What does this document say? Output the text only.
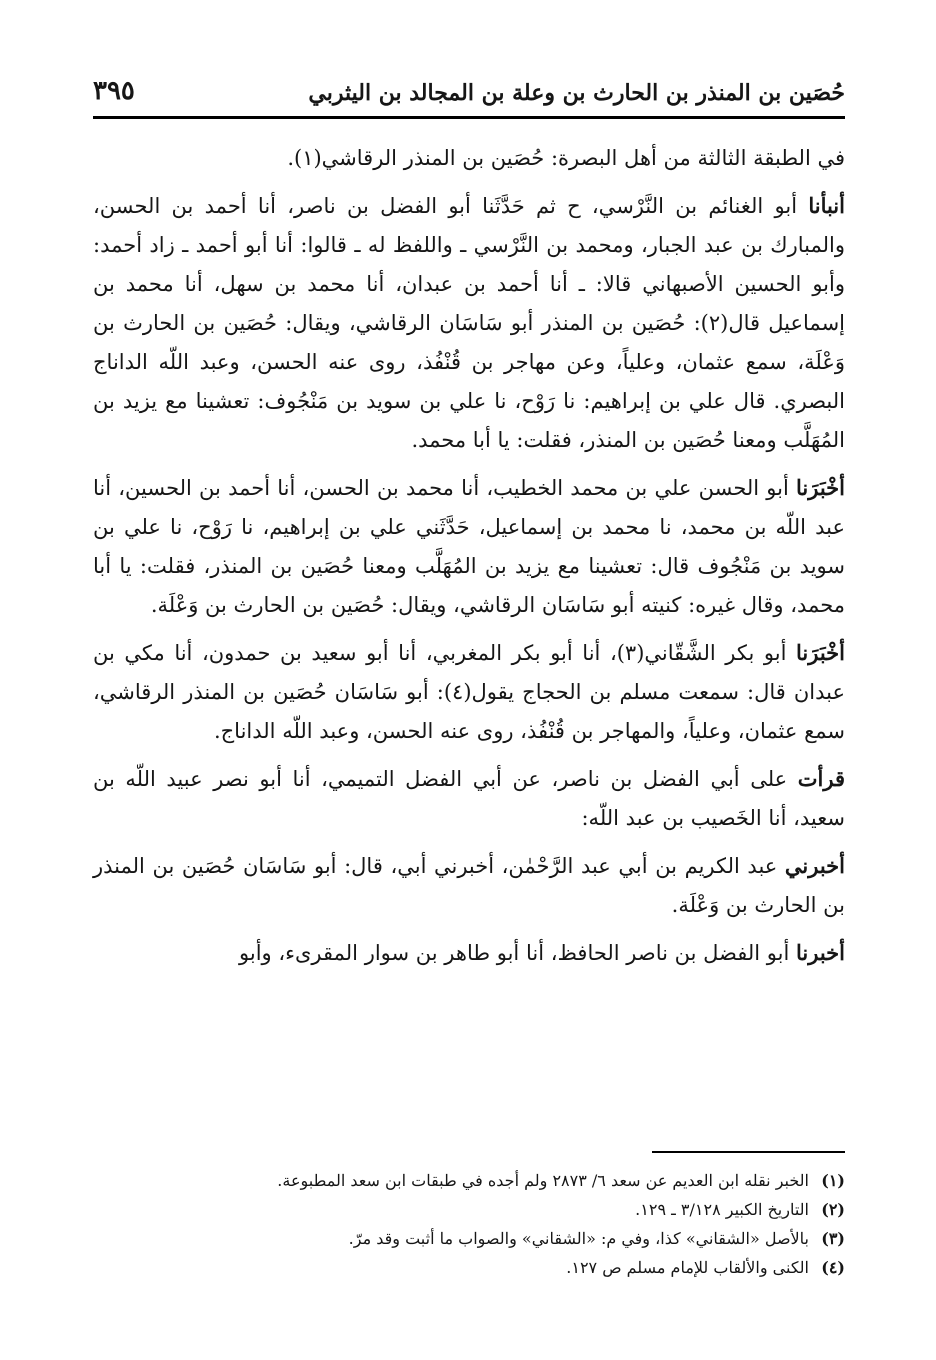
٣٩٥	حُصَين بن المنذر بن الحارث بن وعلة بن المجالد بن اليثربي

في الطبقة الثالثة من أهل البصرة: حُصَين بن المنذر الرقاشي(١).

أنبأنا أبو الغنائم بن النَّرْسي، ح ثم حَدَّثَنا أبو الفضل بن ناصر، أنا أحمد بن الحسن، والمبارك بن عبد الجبار، ومحمد بن النَّرْسي ـ واللفظ له ـ قالوا: أنا أبو أحمد ـ زاد أحمد: وأبو الحسين الأصبهاني قالا: ـ أنا أحمد بن عبدان، أنا محمد بن سهل، أنا محمد بن إسماعيل قال(٢): حُصَين بن المنذر أبو سَاسَان الرقاشي، ويقال: حُصَين بن الحارث بن وَعْلَة، سمع عثمان، وعلياً، وعن مهاجر بن قُنْفُذ، روى عنه الحسن، وعبد اللّه الداناج البصري. قال علي بن إبراهيم: نا رَوْح، نا علي بن سويد بن مَنْجُوف: تعشينا مع يزيد بن المُهَلَّب ومعنا حُصَين بن المنذر، فقلت: يا أبا محمد.

أخْبَرَنا أبو الحسن علي بن محمد الخطيب، أنا محمد بن الحسن، أنا أحمد بن الحسين، أنا عبد اللّه بن محمد، نا محمد بن إسماعيل، حَدَّثَني علي بن إبراهيم، نا رَوْح، نا علي بن سويد بن مَنْجُوف قال: تعشينا مع يزيد بن المُهَلَّب ومعنا حُصَين بن المنذر، فقلت: يا أبا محمد، وقال غيره: كنيته أبو سَاسَان الرقاشي، ويقال: حُصَين بن الحارث بن وَعْلَة.

أخْبَرَنا أبو بكر الشَّقّاني(٣)، أنا أبو بكر المغربي، أنا أبو سعيد بن حمدون، أنا مكي بن عبدان قال: سمعت مسلم بن الحجاج يقول(٤): أبو سَاسَان حُصَين بن المنذر الرقاشي، سمع عثمان، وعلياً، والمهاجر بن قُنْفُذ، روى عنه الحسن، وعبد اللّه الداناج.

قرأت على أبي الفضل بن ناصر، عن أبي الفضل التميمي، أنا أبو نصر عبيد اللّه بن سعيد، أنا الخَصيب بن عبد اللّه:

أخبرني عبد الكريم بن أبي عبد الرَّحْمٰن، أخبرني أبي، قال: أبو سَاسَان حُصَين بن المنذر بن الحارث بن وَعْلَة.

أخبرنا أبو الفضل بن ناصر الحافظ، أنا أبو طاهر بن سوار المقرىء، وأبو

(١)الخبر نقله ابن العديم عن سعد ٦/ ٢٨٧٣ ولم أجده في طبقات ابن سعد المطبوعة.
(٢)التاريخ الكبير ٣/١٢٨ ـ ١٢٩.
(٣)بالأصل «الشقاني» كذا، وفي م: «الشقاني» والصواب ما أثبت وقد مرّ.
(٤)الكنى والألقاب للإمام مسلم ص ١٢٧.
